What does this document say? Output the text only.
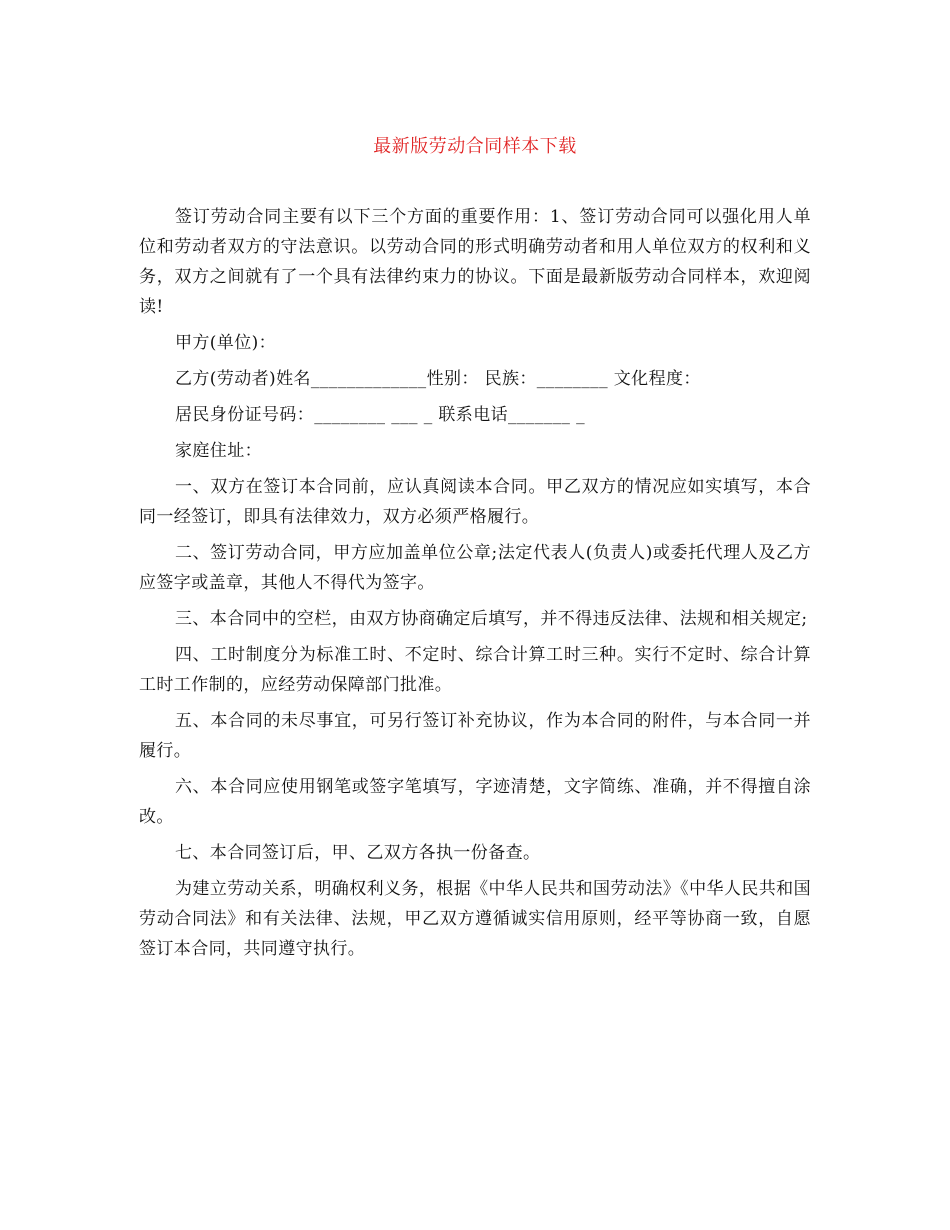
最新版劳动合同样本下载

签订劳动合同主要有以下三个方面的重要作用：1、签订劳动合同可以强化用人单位和劳动者双方的守法意识。以劳动合同的形式明确劳动者和用人单位双方的权利和义务，双方之间就有了一个具有法律约束力的协议。下面是最新版劳动合同样本，欢迎阅读!

甲方(单位)：

乙方(劳动者)姓名_____________性别： 民族：________ 文化程度：

居民身份证号码：________ ___ _ 联系电话_______ _

家庭住址：

一、双方在签订本合同前，应认真阅读本合同。甲乙双方的情况应如实填写，本合同一经签订，即具有法律效力，双方必须严格履行。

二、签订劳动合同，甲方应加盖单位公章;法定代表人(负责人)或委托代理人及乙方应签字或盖章，其他人不得代为签字。

三、本合同中的空栏，由双方协商确定后填写，并不得违反法律、法规和相关规定;

四、工时制度分为标准工时、不定时、综合计算工时三种。实行不定时、综合计算工时工作制的，应经劳动保障部门批准。

五、本合同的未尽事宜，可另行签订补充协议，作为本合同的附件，与本合同一并履行。

六、本合同应使用钢笔或签字笔填写，字迹清楚，文字简练、准确，并不得擅自涂改。

七、本合同签订后，甲、乙双方各执一份备查。

为建立劳动关系，明确权利义务，根据《中华人民共和国劳动法》《中华人民共和国劳动合同法》和有关法律、法规，甲乙双方遵循诚实信用原则，经平等协商一致，自愿签订本合同，共同遵守执行。
